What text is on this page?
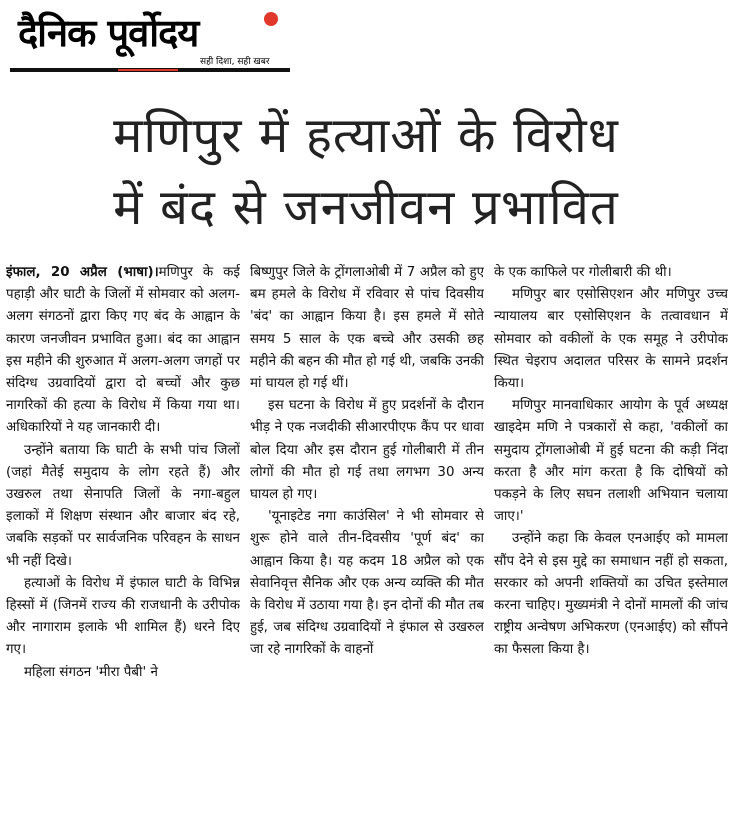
दैनिक पूर्वोदय
सही दिशा, सही खबर
मणिपुर में हत्याओं के विरोध
में बंद से जनजीवन प्रभावित

इंफाल, 20 अप्रैल (भाषा)।मणिपुर के कई पहाड़ी और घाटी के जिलों में सोमवार को अलग-अलग संगठनों द्वारा किए गए बंद के आह्वान के कारण जनजीवन प्रभावित हुआ। बंद का आह्वान इस महीने की शुरुआत में अलग-अलग जगहों पर संदिग्ध उग्रवादियों द्वारा दो बच्चों और कुछ नागरिकों की हत्या के विरोध में किया गया था। अधिकारियों ने यह जानकारी दी।

उन्होंने बताया कि घाटी के सभी पांच जिलों (जहां मैतेई समुदाय के लोग रहते हैं) और उखरुल तथा सेनापति जिलों के नगा-बहुल इलाकों में शिक्षण संस्थान और बाजार बंद रहे, जबकि सड़कों पर सार्वजनिक परिवहन के साधन भी नहीं दिखे।

हत्याओं के विरोध में इंफाल घाटी के विभिन्न हिस्सों में (जिनमें राज्य की राजधानी के उरीपोक और नागाराम इलाके भी शामिल हैं) धरने दिए गए।

महिला संगठन 'मीरा पैबी' ने

बिष्णुपुर जिले के ट्रोंगलाओबी में 7 अप्रैल को हुए बम हमले के विरोध में रविवार से पांच दिवसीय 'बंद' का आह्वान किया है। इस हमले में सोते समय 5 साल के एक बच्चे और उसकी छह महीने की बहन की मौत हो गई थी, जबकि उनकी मां घायल हो गई थीं।

इस घटना के विरोध में हुए प्रदर्शनों के दौरान भीड़ ने एक नजदीकी सीआरपीएफ कैंप पर धावा बोल दिया और इस दौरान हुई गोलीबारी में तीन लोगों की मौत हो गई तथा लगभग 30 अन्य घायल हो गए।

'यूनाइटेड नगा काउंसिल' ने भी सोमवार से शुरू होने वाले तीन-दिवसीय 'पूर्ण बंद' का आह्वान किया है। यह कदम 18 अप्रैल को एक सेवानिवृत्त सैनिक और एक अन्य व्यक्ति की मौत के विरोध में उठाया गया है। इन दोनों की मौत तब हुई, जब संदिग्ध उग्रवादियों ने इंफाल से उखरुल जा रहे नागरिकों के वाहनों

के एक काफिले पर गोलीबारी की थी।

मणिपुर बार एसोसिएशन और मणिपुर उच्च न्यायालय बार एसोसिएशन के तत्वावधान में सोमवार को वकीलों के एक समूह ने उरीपोक स्थित चेइराप अदालत परिसर के सामने प्रदर्शन किया।

मणिपुर मानवाधिकार आयोग के पूर्व अध्यक्ष खाइदेम मणि ने पत्रकारों से कहा, 'वकीलों का समुदाय ट्रोंगलाओबी में हुई घटना की कड़ी निंदा करता है और मांग करता है कि दोषियों को पकड़ने के लिए सघन तलाशी अभियान चलाया जाए।'

उन्होंने कहा कि केवल एनआईए को मामला सौंप देने से इस मुद्दे का समाधान नहीं हो सकता, सरकार को अपनी शक्तियों का उचित इस्तेमाल करना चाहिए। मुख्यमंत्री ने दोनों मामलों की जांच राष्ट्रीय अन्वेषण अभिकरण (एनआईए) को सौंपने का फैसला किया है।
